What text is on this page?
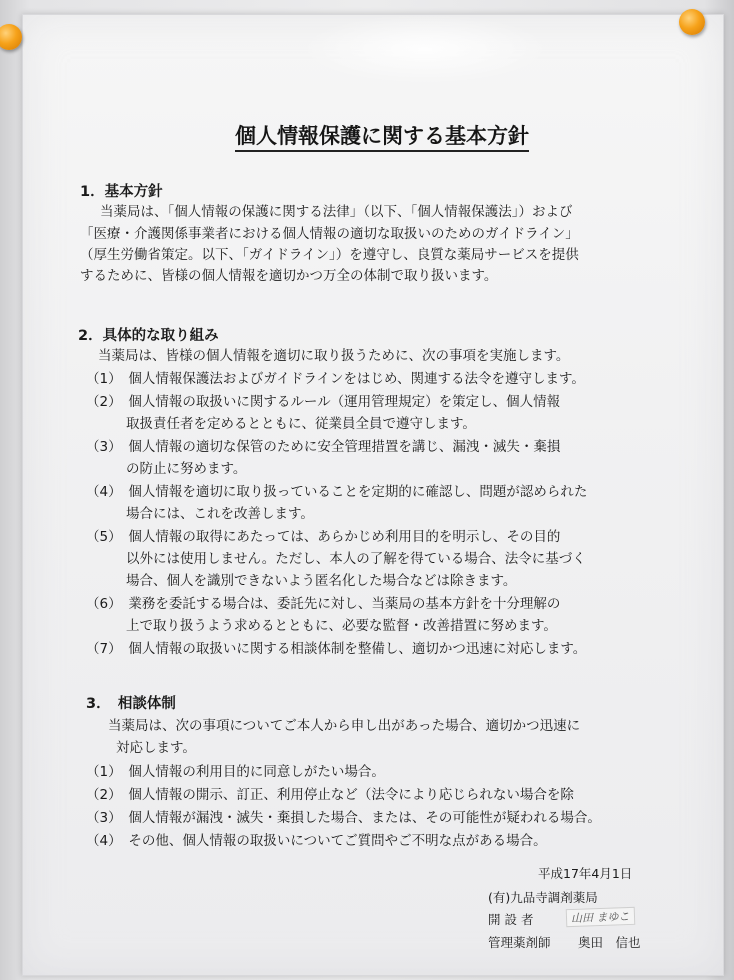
個人情報保護に関する基本方針
1．基本方針
当薬局は、「個人情報の保護に関する法律」（以下、「個人情報保護法」）および
「医療・介護関係事業者における個人情報の適切な取扱いのためのガイドライン」
（厚生労働省策定。以下、「ガイドライン」）を遵守し、良質な薬局サービスを提供
するために、皆様の個人情報を適切かつ万全の体制で取り扱います。
2．具体的な取り組み
当薬局は、皆様の個人情報を適切に取り扱うために、次の事項を実施します。
（1）　個人情報保護法およびガイドラインをはじめ、関連する法令を遵守します。
（2）　個人情報の取扱いに関するルール（運用管理規定）を策定し、個人情報
取扱責任者を定めるとともに、従業員全員で遵守します。
（3）　個人情報の適切な保管のために安全管理措置を講じ、漏洩・滅失・棄損
の防止に努めます。
（4）　個人情報を適切に取り扱っていることを定期的に確認し、問題が認められた
場合には、これを改善します。
（5）　個人情報の取得にあたっては、あらかじめ利用目的を明示し、その目的
以外には使用しません。ただし、本人の了解を得ている場合、法令に基づく
場合、個人を識別できないよう匿名化した場合などは除きます。
（6）　業務を委託する場合は、委託先に対し、当薬局の基本方針を十分理解の
上で取り扱うよう求めるとともに、必要な監督・改善措置に努めます。
（7）　個人情報の取扱いに関する相談体制を整備し、適切かつ迅速に対応します。
3．　相談体制
当薬局は、次の事項についてご本人から申し出があった場合、適切かつ迅速に
対応します。
（1）　個人情報の利用目的に同意しがたい場合。
（2）　個人情報の開示、訂正、利用停止など（法令により応じられない場合を除
（3）　個人情報が漏洩・滅失・棄損した場合、または、その可能性が疑われる場合。
（4）　その他、個人情報の取扱いについてご質問やご不明な点がある場合。
平成17年4月1日
(有)九品寺調剤薬局
開 設 者	山田 まゆこ
管理薬剤師 奥田　信也
